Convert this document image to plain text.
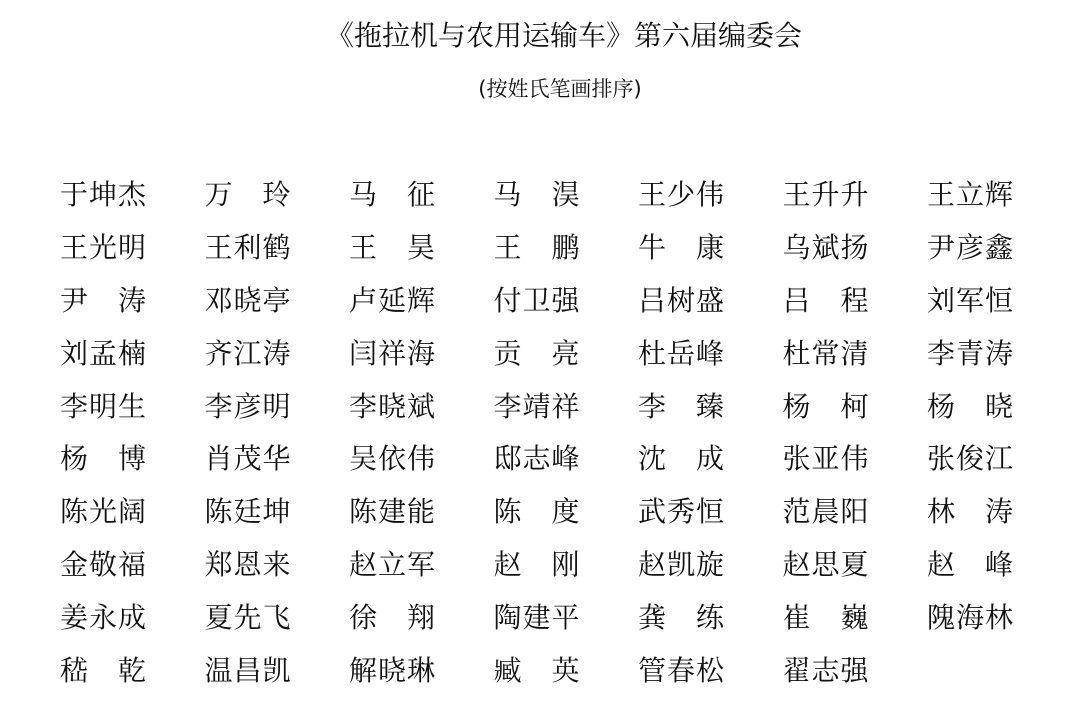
《拖拉机与农用运输车》第六届编委会
(按姓氏笔画排序)
于 坤 杰 万 玲 马 征 马 淏 王 少 伟 王 升 升 王 立 辉
王 光 明 王 利 鹤 王 昊 王 鹏 牛 康 乌 斌 扬 尹 彦 鑫
尹 涛 邓 晓 亭 卢 延 辉 付 卫 强 吕 树 盛 吕 程 刘 军 恒
刘 孟 楠 齐 江 涛 闫 祥 海 贡 亮 杜 岳 峰 杜 常 清 李 青 涛
李 明 生 李 彦 明 李 晓 斌 李 靖 祥 李 臻 杨 柯 杨 晓
杨 博 肖 茂 华 吴 依 伟 邸 志 峰 沈 成 张 亚 伟 张 俊 江
陈 光 阔 陈 廷 坤 陈 建 能 陈 度 武 秀 恒 范 晨 阳 林 涛
金 敬 福 郑 恩 来 赵 立 军 赵 刚 赵 凯 旋 赵 思 夏 赵 峰
姜 永 成 夏 先 飞 徐 翔 陶 建 平 龚 练 崔 巍 隗 海 林
嵇 乾 温 昌 凯 解 晓 琳 臧 英 管 春 松 翟 志 强
